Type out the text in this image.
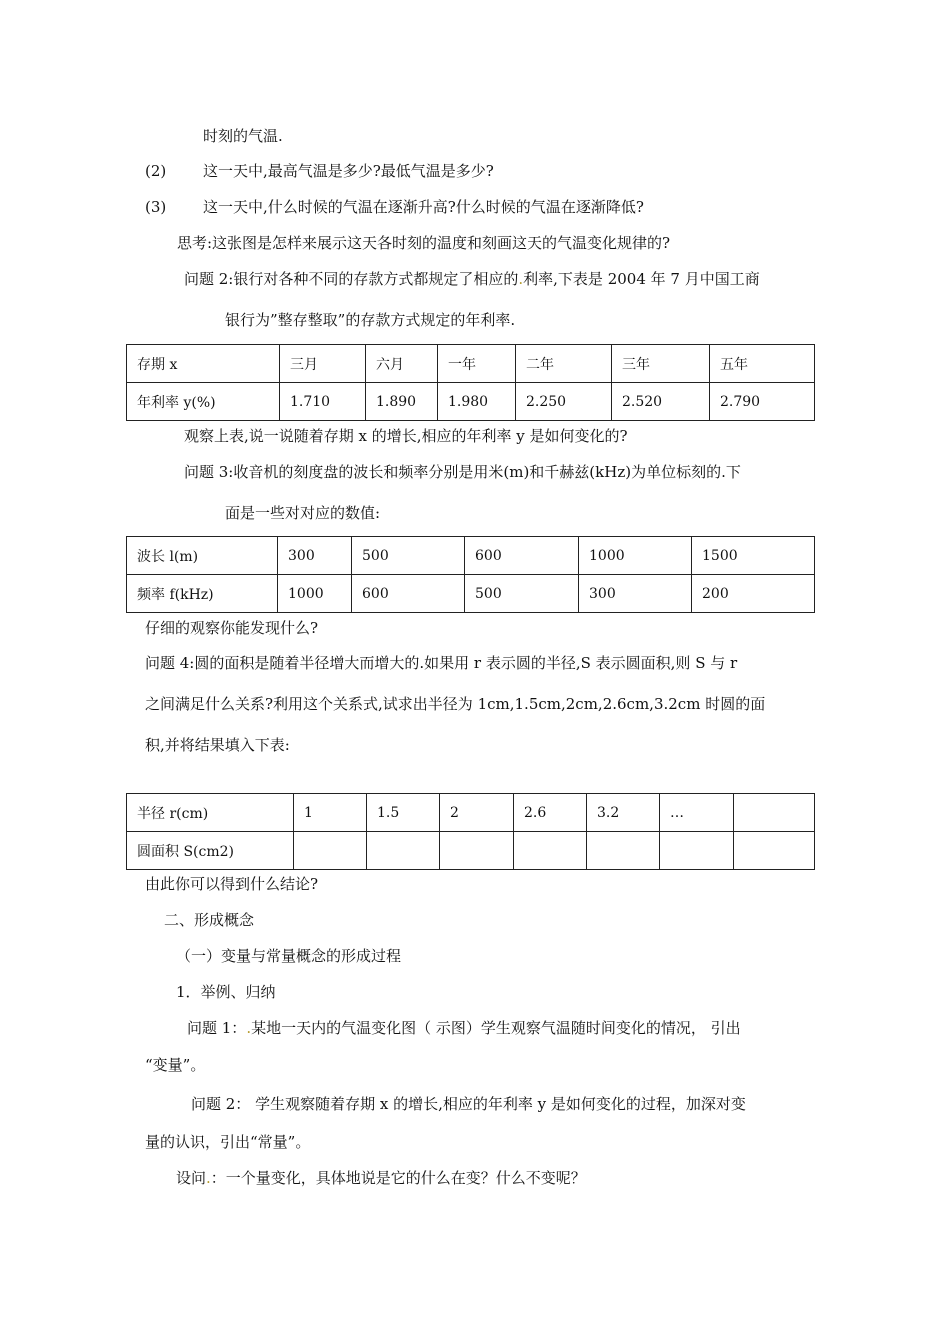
时刻的气温.
(2) 这一天中,最高气温是多少?最低气温是多少?
(3) 这一天中,什么时候的气温在逐渐升高?什么时候的气温在逐渐降低?
思考:这张图是怎样来展示这天各时刻的温度和刻画这天的气温变化规律的?
问题 2:银行对各种不同的存款方式都规定了相应的.利率,下表是 2004 年 7 月中国工商
银行为”整存整取”的存款方式规定的年利率.
存期 x	三月	六月	一年	二年	三年	五年
年利率 y(%)	1.710	1.890	1.980	2.250	2.520	2.790
观察上表,说一说随着存期 x 的增长,相应的年利率 y 是如何变化的?
问题 3:收音机的刻度盘的波长和频率分别是用米(m)和千赫兹(kHz)为单位标刻的.下
面是一些对对应的数值:
波长 l(m)	300	500	600	1000	1500
频率 f(kHz)	1000	600	500	300	200
仔细的观察你能发现什么?
问题 4:圆的面积是随着半径增大而增大的.如果用 r 表示圆的半径,S 表示圆面积,则 S 与 r
之间满足什么关系?利用这个关系式,试求出半径为 1cm,1.5cm,2cm,2.6cm,3.2cm 时圆的面
积,并将结果填入下表:
半径 r(cm)	1	1.5	2	2.6	3.2	…	
圆面积 S(cm2)							
由此你可以得到什么结论?
二、形成概念
（一）变量与常量概念的形成过程
1．举例、归纳
问题 1：.某地一天内的气温变化图（ 示图）学生观察气温随时间变化的情况， 引出
“变量”。
问题 2： 学生观察随着存期 x 的增长,相应的年利率 y 是如何变化的过程，加深对变
量的认识，引出“常量”。
设问.：一个量变化，具体地说是它的什么在变？什么不变呢？
